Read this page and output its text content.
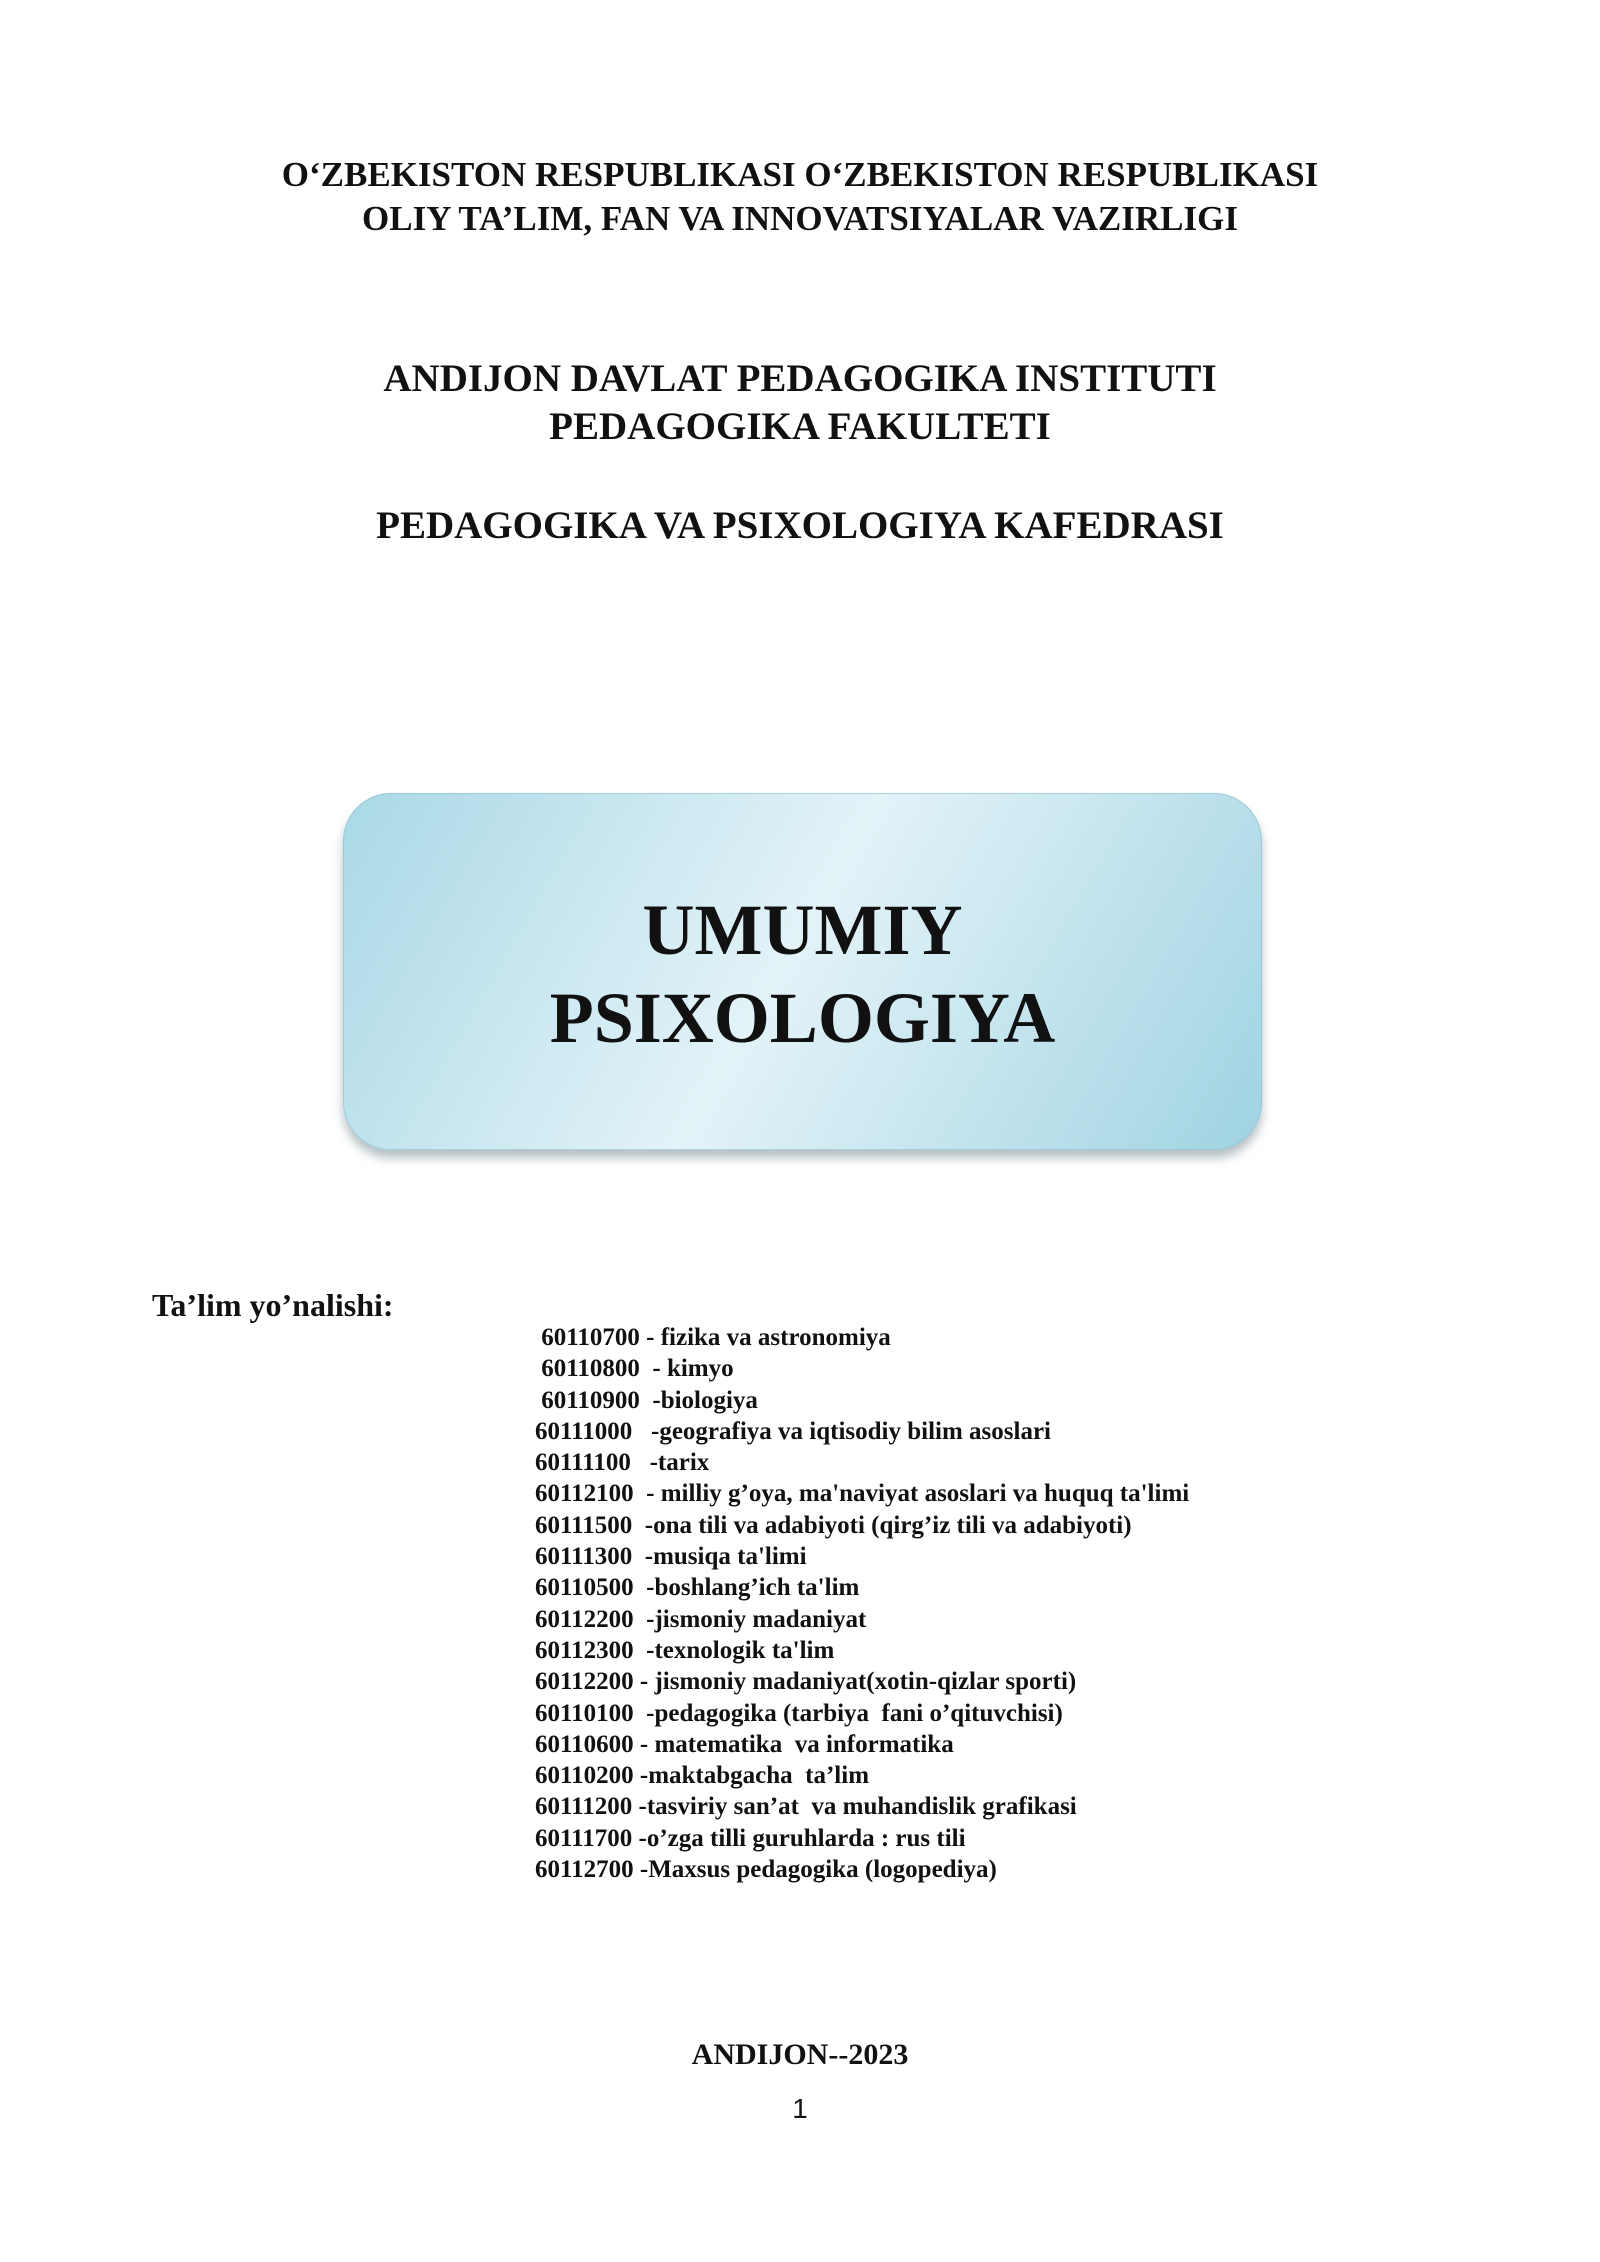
O‘ZBEKISTON RESPUBLIKASI O‘ZBEKISTON RESPUBLIKASI
OLIY TA’LIM, FAN VA INNOVATSIYALAR VAZIRLIGI
ANDIJON DAVLAT PEDAGOGIKA INSTITUTI
PEDAGOGIKA FAKULTETI
PEDAGOGIKA VA PSIXOLOGIYA KAFEDRASI
UMUMIY
PSIXOLOGIYA
Ta’lim yo’nalishi:
60110700 - fizika va astronomiya
60110800  - kimyo
60110900  -biologiya
60111000   -geografiya va iqtisodiy bilim asoslari
60111100   -tarix
60112100  - milliy g’oya, ma'naviyat asoslari va huquq ta'limi
60111500  -ona tili va adabiyoti (qirg’iz tili va adabiyoti)
60111300  -musiqa ta'limi
60110500  -boshlang’ich ta'lim
60112200  -jismoniy madaniyat
60112300  -texnologik ta'lim
60112200 - jismoniy madaniyat(xotin-qizlar sporti)
60110100  -pedagogika (tarbiya  fani o’qituvchisi)
60110600 - matematika  va informatika
60110200 -maktabgacha  ta’lim
60111200 -tasviriy san’at  va muhandislik grafikasi
60111700 -o’zga tilli guruhlarda : rus tili
60112700 -Maxsus pedagogika (logopediya)
ANDIJON--2023
1
